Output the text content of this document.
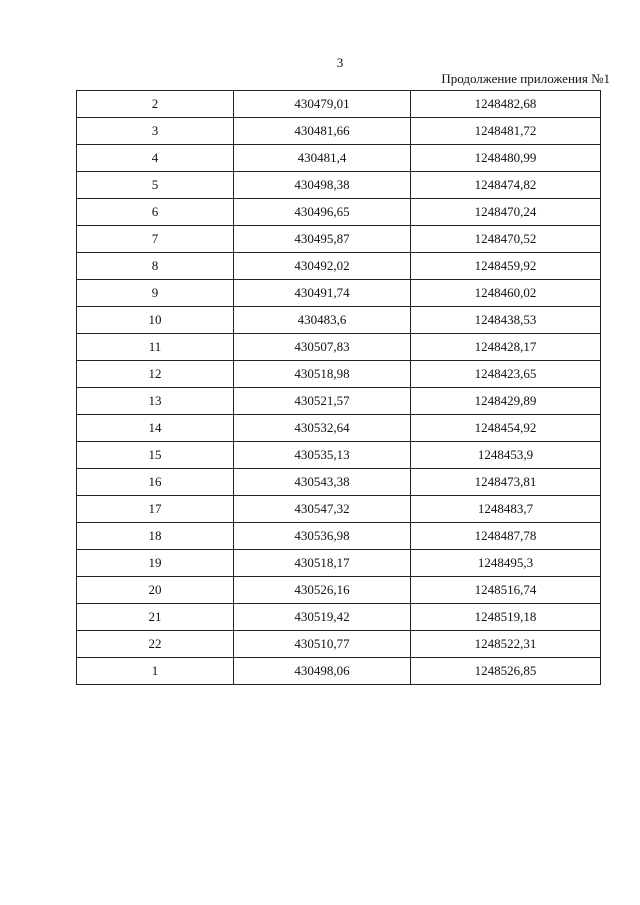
3
Продолжение приложения №1
2	430479,01	1248482,68
3	430481,66	1248481,72
4	430481,4	1248480,99
5	430498,38	1248474,82
6	430496,65	1248470,24
7	430495,87	1248470,52
8	430492,02	1248459,92
9	430491,74	1248460,02
10	430483,6	1248438,53
11	430507,83	1248428,17
12	430518,98	1248423,65
13	430521,57	1248429,89
14	430532,64	1248454,92
15	430535,13	1248453,9
16	430543,38	1248473,81
17	430547,32	1248483,7
18	430536,98	1248487,78
19	430518,17	1248495,3
20	430526,16	1248516,74
21	430519,42	1248519,18
22	430510,77	1248522,31
1	430498,06	1248526,85
